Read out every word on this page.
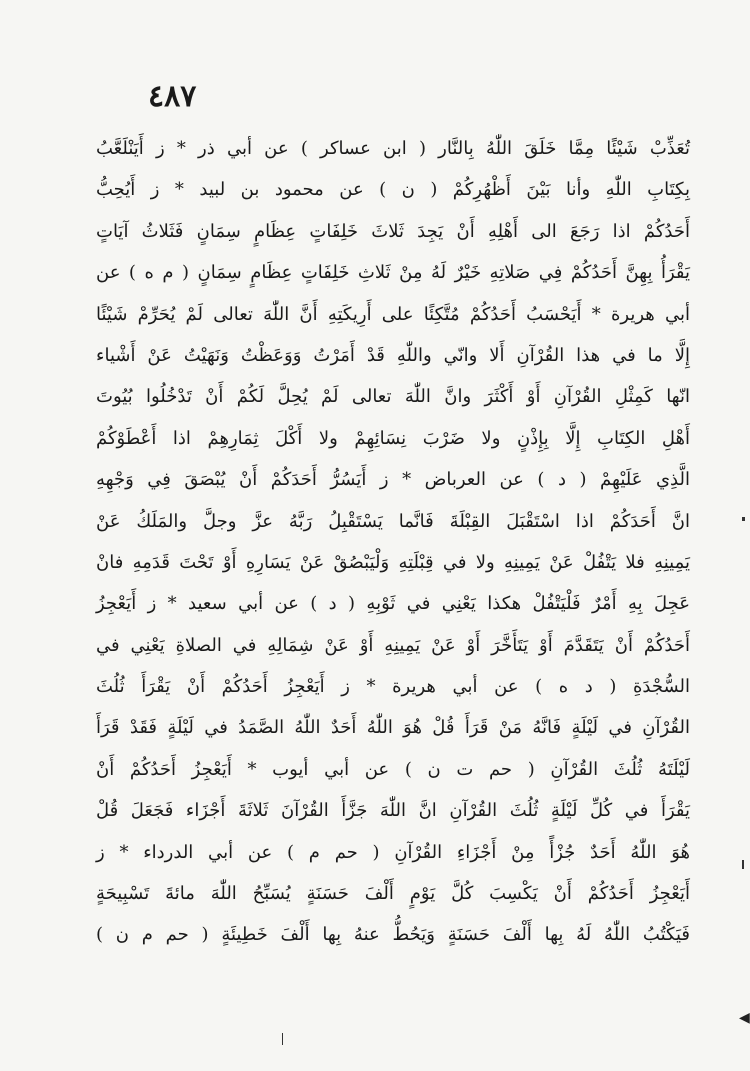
٤٨٧
تُعَذِّبْ شَيْئًا مِمَّا خَلَقَ اللّٰهُ بِالنَّار ( ابن عساكر ) عن أبي ذر * ز أَيَنْلَعَّبُ
بِكِتَابِ اللّٰهِ وأنا بَيْنَ أَظْهُرِكُمْ ( ن ) عن محمود بن لبيد * ز أَيُحِبُّ
أَحَدُكُمْ اذا رَجَعَ الى أَهْلِهِ أَنْ يَجِدَ ثَلاثَ خَلِفَاتٍ عِظَامٍ سِمَانٍ فَثَلاثُ آيَاتٍ
يَقْرَأُ بِهِنَّ أَحَدُكُمْ فِي صَلاتِهِ خَيْرٌ لَهُ مِنْ ثَلاثِ خَلِفَاتٍ عِظَامٍ سِمَانٍ ( م ه ) عن
أبي هريرة * أَيَحْسَبُ أَحَدُكُمْ مُتَّكِئًا على أَرِيكَتِهِ أَنَّ اللّٰهَ تعالى لَمْ يُحَرِّمْ شَيْئًا
إِلَّا ما في هذا القُرْآنِ أَلا وانّي واللّٰهِ قَدْ أَمَرْتُ وَوَعَظْتُ وَنَهَيْتُ عَنْ أَشْياء
انّها كَمِثْلِ القُرْآنِ أَوْ أَكْثَرَ وانَّ اللّٰهَ تعالى لَمْ يُحِلَّ لَكُمْ أَنْ تَدْخُلُوا بُيُوتَ
أَهْلِ الكِتَابِ إِلَّا بِإِذْنٍ ولا ضَرْبَ نِسَائِهِمْ ولا أَكْلَ ثِمَارِهِمْ اذا أَعْطَوْكُمْ
الَّذِي عَلَيْهِمْ ( د ) عن العرباض * ز أَيَسُرُّ أَحَدَكُمْ أَنْ يُبْصَقَ فِي وَجْهِهِ
انَّ أَحَدَكُمْ اذا اسْتَقْبَلَ القِبْلَةَ فَانَّما يَسْتَقْبِلُ رَبَّهُ عزَّ وجلَّ والمَلَكُ عَنْ
يَمِينِهِ فلا يَتْفُلْ عَنْ يَمِينِهِ ولا في قِبْلَتِهِ وَلْيَبْصُقْ عَنْ يَسَارِهِ أَوْ تَحْتَ قَدَمِهِ فانْ
عَجِلَ بِهِ أَمْرٌ فَلْيَتْفُلْ هكذا يَعْنِي في ثَوْبِهِ ( د ) عن أبي سعيد * ز أَيَعْجِزُ
أَحَدُكُمْ أَنْ يَتَقَدَّمَ أَوْ يَتَأَخَّرَ أَوْ عَنْ يَمِينِهِ أَوْ عَنْ شِمَالِهِ في الصلاةِ يَعْنِي في
السُّجْدَةِ ( د ه ) عن أبي هريرة * ز أَيَعْجِزُ أَحَدُكُمْ أَنْ يَقْرَأَ ثُلُثَ
القُرْآنِ في لَيْلَةٍ فَانَّهُ مَنْ قَرَأَ قُلْ هُوَ اللّٰهُ أَحَدٌ اللّٰهُ الصَّمَدُ في لَيْلَةٍ فَقَدْ قَرَأَ
لَيْلَتَهُ ثُلُثَ القُرْآنِ ( حم ت ن ) عن أبي أيوب * أَيَعْجِزُ أَحَدُكُمْ أَنْ
يَقْرَأَ في كُلِّ لَيْلَةٍ ثُلُثَ القُرْآنِ انَّ اللّٰهَ جَزَّأَ القُرْآنَ ثَلاثَةَ أَجْزَاء فَجَعَلَ قُلْ
هُوَ اللّٰهُ أَحَدٌ جُزْأً مِنْ أَجْزَاءِ القُرْآنِ ( حم م ) عن أبي الدرداء * ز
أَيَعْجِزُ أَحَدُكُمْ أَنْ يَكْسِبَ كُلَّ يَوْمٍ أَلْفَ حَسَنَةٍ يُسَبِّحُ اللّٰهَ مائةَ تَسْبِيحَةٍ
فَيَكْتُبُ اللّٰهُ لَهُ بِها أَلْفَ حَسَنَةٍ وَيَحُطُّ عنهُ بِها أَلْفَ خَطِيئَةٍ ( حم م ن )
◀
